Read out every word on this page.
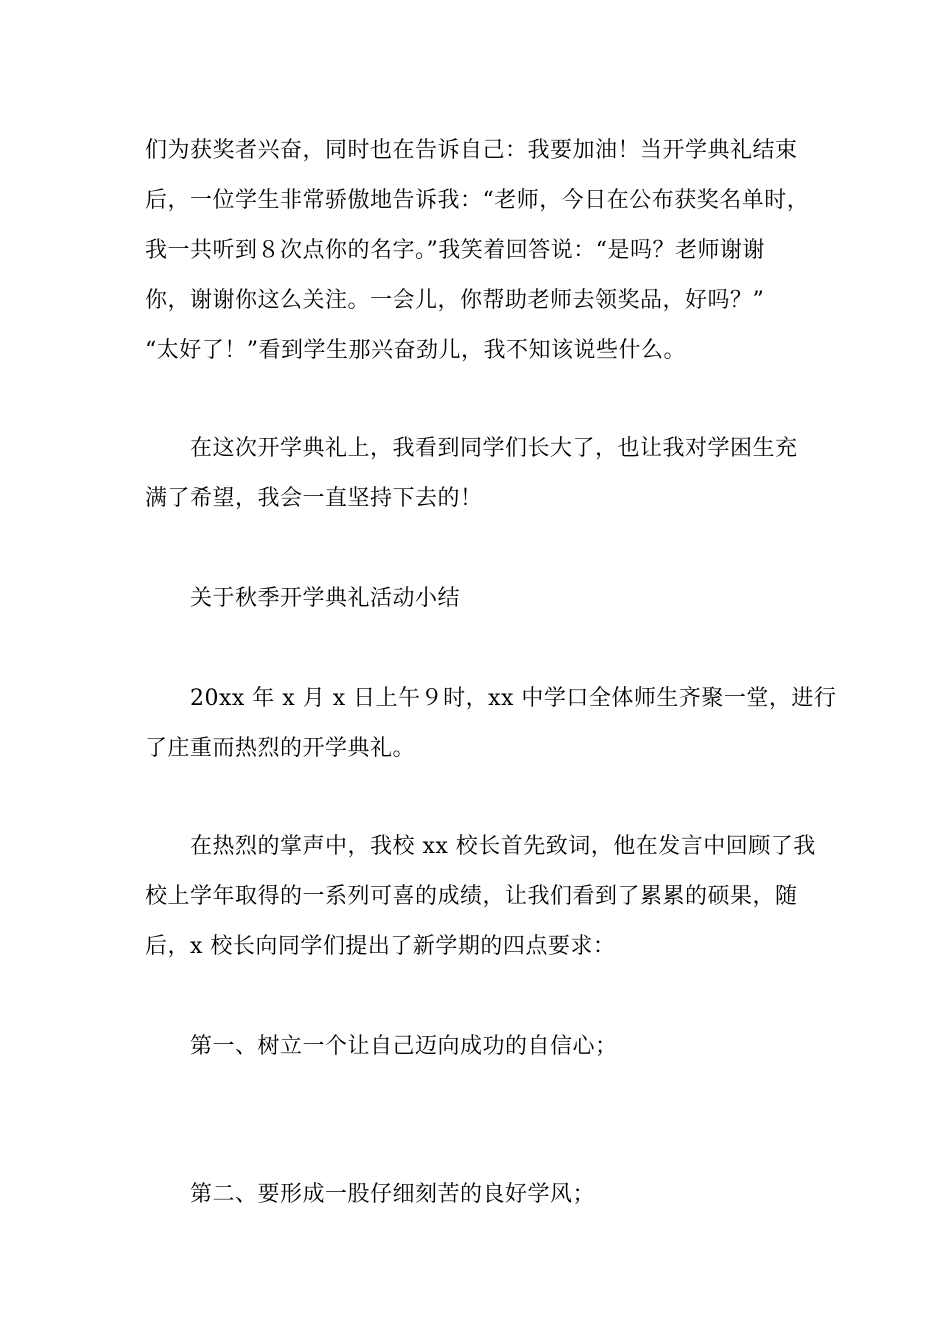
们为获奖者兴奋，同时也在告诉自己：我要加油！当开学典礼结束
后，一位学生非常骄傲地告诉我：“老师，今日在公布获奖名单时，
我一共听到８次点你的名字。”我笑着回答说：“是吗？老师谢谢
你，谢谢你这么关注。一会儿，你帮助老师去领奖品，好吗？”
“太好了！”看到学生那兴奋劲儿，我不知该说些什么。
在这次开学典礼上，我看到同学们长大了，也让我对学困生充
满了希望，我会一直坚持下去的！
关于秋季开学典礼活动小结
20xx 年 x 月 x 日上午９时，xx 中学口全体师生齐聚一堂，进行
了庄重而热烈的开学典礼。
在热烈的掌声中，我校 xx 校长首先致词，他在发言中回顾了我
校上学年取得的一系列可喜的成绩，让我们看到了累累的硕果，随
后，x 校长向同学们提出了新学期的四点要求：
第一、树立一个让自己迈向成功的自信心；
第二、要形成一股仔细刻苦的良好学风；
